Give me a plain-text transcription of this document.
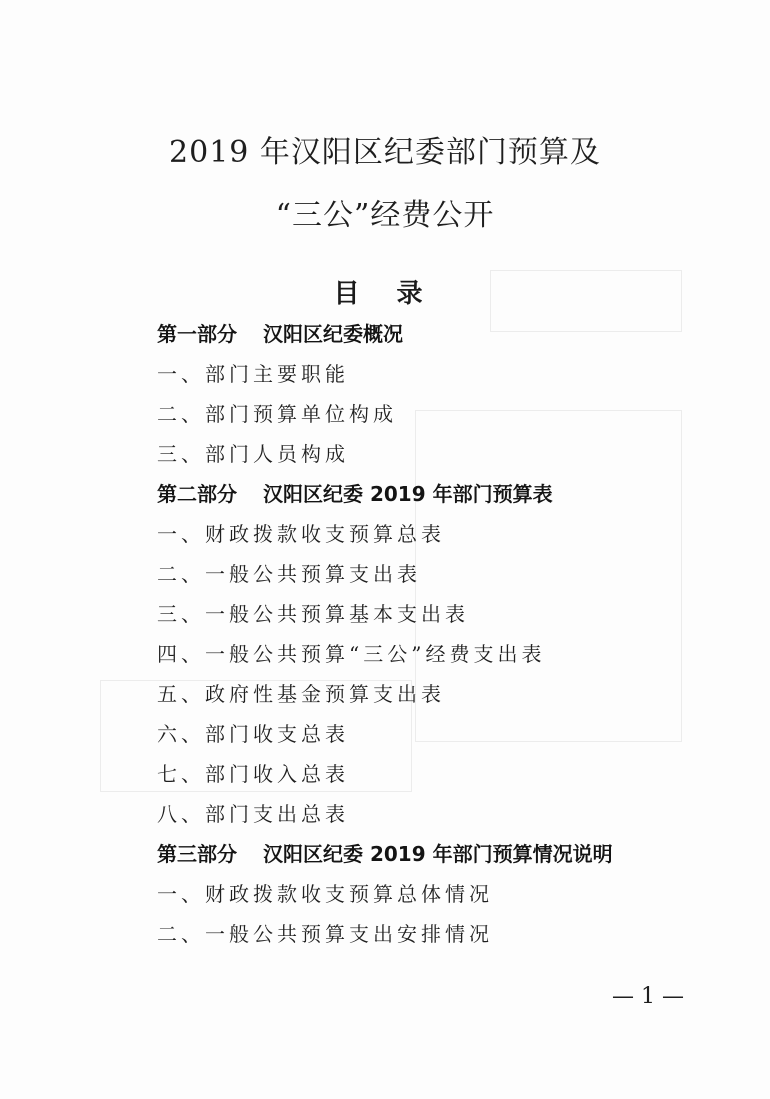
2019 年汉阳区纪委部门预算及
“三公”经费公开
目 录
第一部分 汉阳区纪委概况
一、部门主要职能
二、部门预算单位构成
三、部门人员构成
第二部分 汉阳区纪委 2019 年部门预算表
一、财政拨款收支预算总表
二、一般公共预算支出表
三、一般公共预算基本支出表
四、一般公共预算“三公”经费支出表
五、政府性基金预算支出表
六、部门收支总表
七、部门收入总表
八、部门支出总表
第三部分 汉阳区纪委 2019 年部门预算情况说明
一、财政拨款收支预算总体情况
二、一般公共预算支出安排情况
— 1 —
